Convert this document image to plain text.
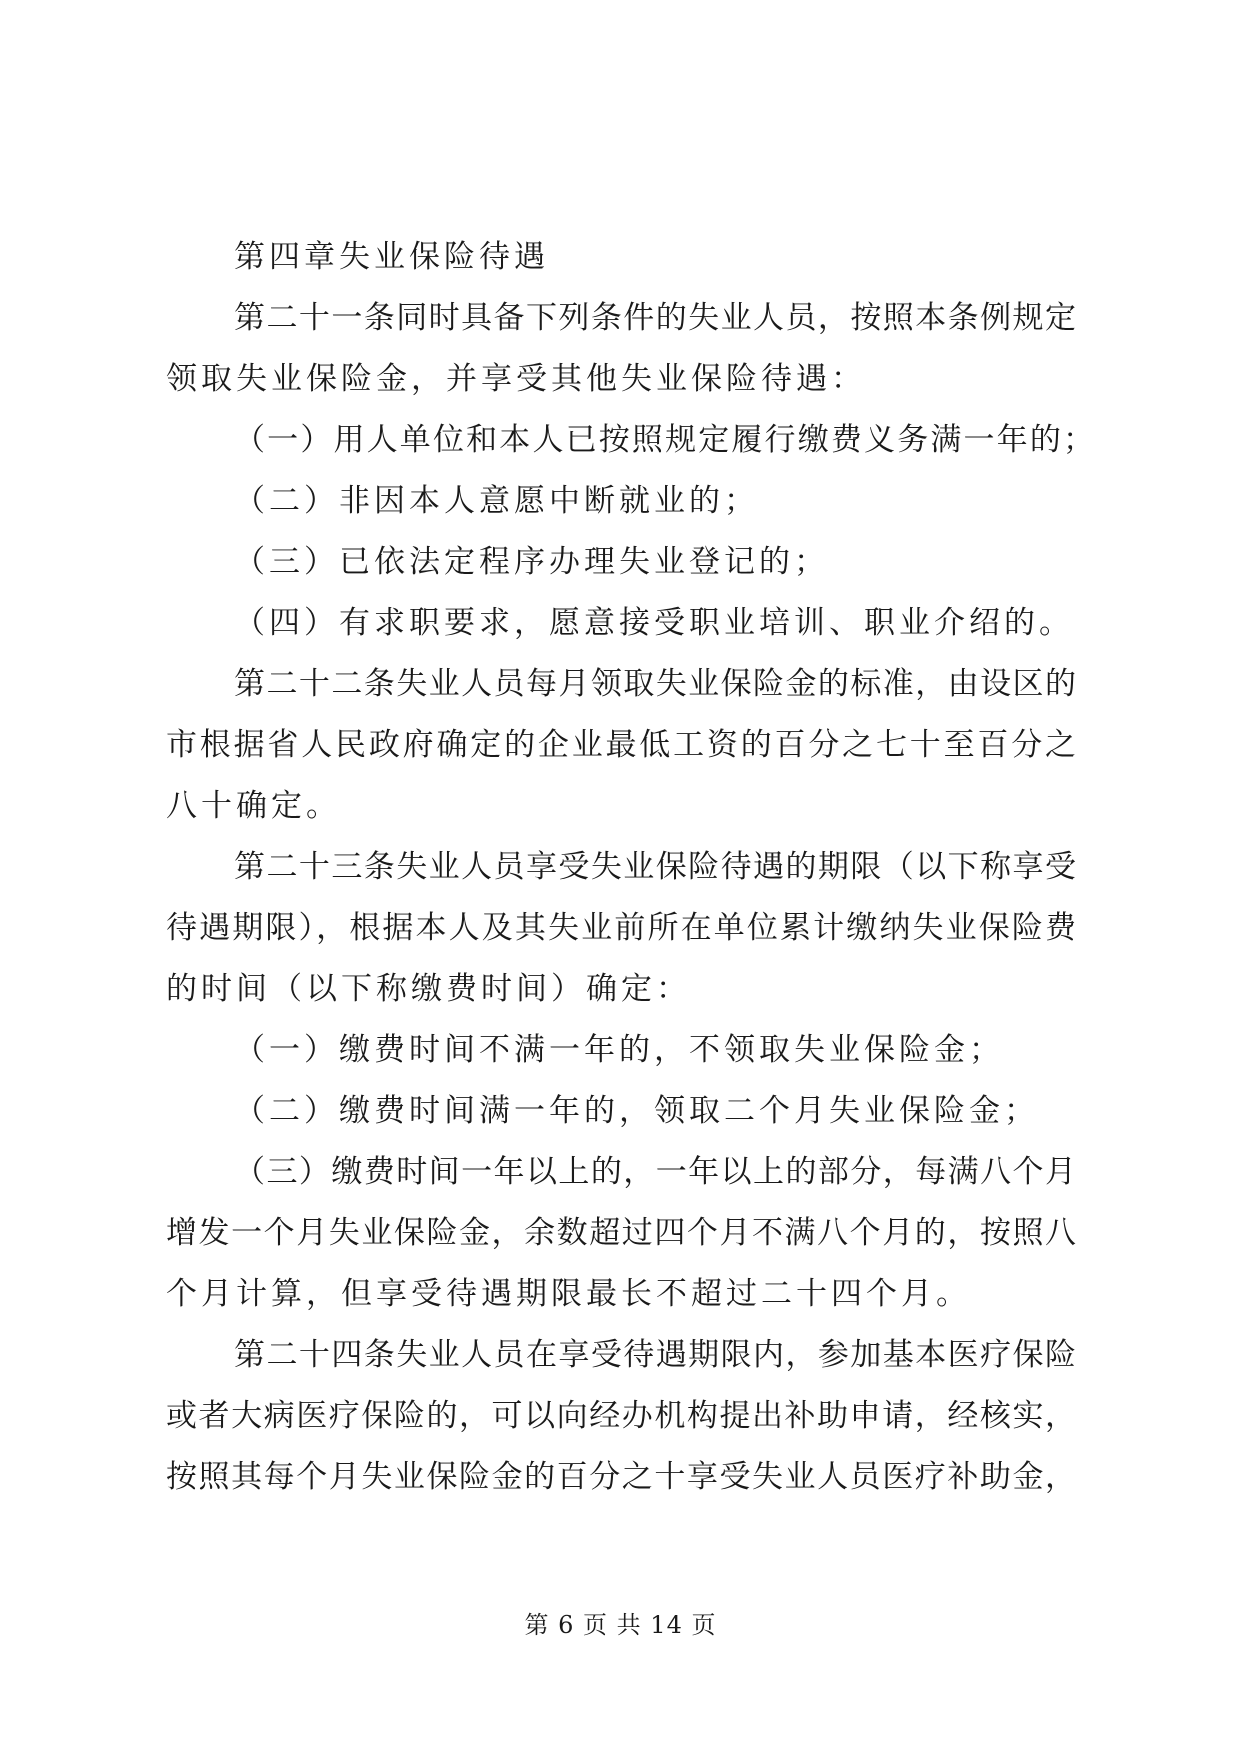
第四章失业保险待遇
第二十一条同时具备下列条件的失业人员，按照本条例规定
领取失业保险金，并享受其他失业保险待遇：
（一）用人单位和本人已按照规定履行缴费义务满一年的；
（二）非因本人意愿中断就业的；
（三）已依法定程序办理失业登记的；
（四）有求职要求，愿意接受职业培训、职业介绍的。
第二十二条失业人员每月领取失业保险金的标准，由设区的
市根据省人民政府确定的企业最低工资的百分之七十至百分之
八十确定。
第二十三条失业人员享受失业保险待遇的期限（以下称享受
待遇期限），根据本人及其失业前所在单位累计缴纳失业保险费
的时间（以下称缴费时间）确定：
（一）缴费时间不满一年的，不领取失业保险金；
（二）缴费时间满一年的，领取二个月失业保险金；
（三）缴费时间一年以上的，一年以上的部分，每满八个月
增发一个月失业保险金，余数超过四个月不满八个月的，按照八
个月计算，但享受待遇期限最长不超过二十四个月。
第二十四条失业人员在享受待遇期限内，参加基本医疗保险
或者大病医疗保险的，可以向经办机构提出补助申请，经核实，
按照其每个月失业保险金的百分之十享受失业人员医疗补助金，
第 6 页 共 14 页
